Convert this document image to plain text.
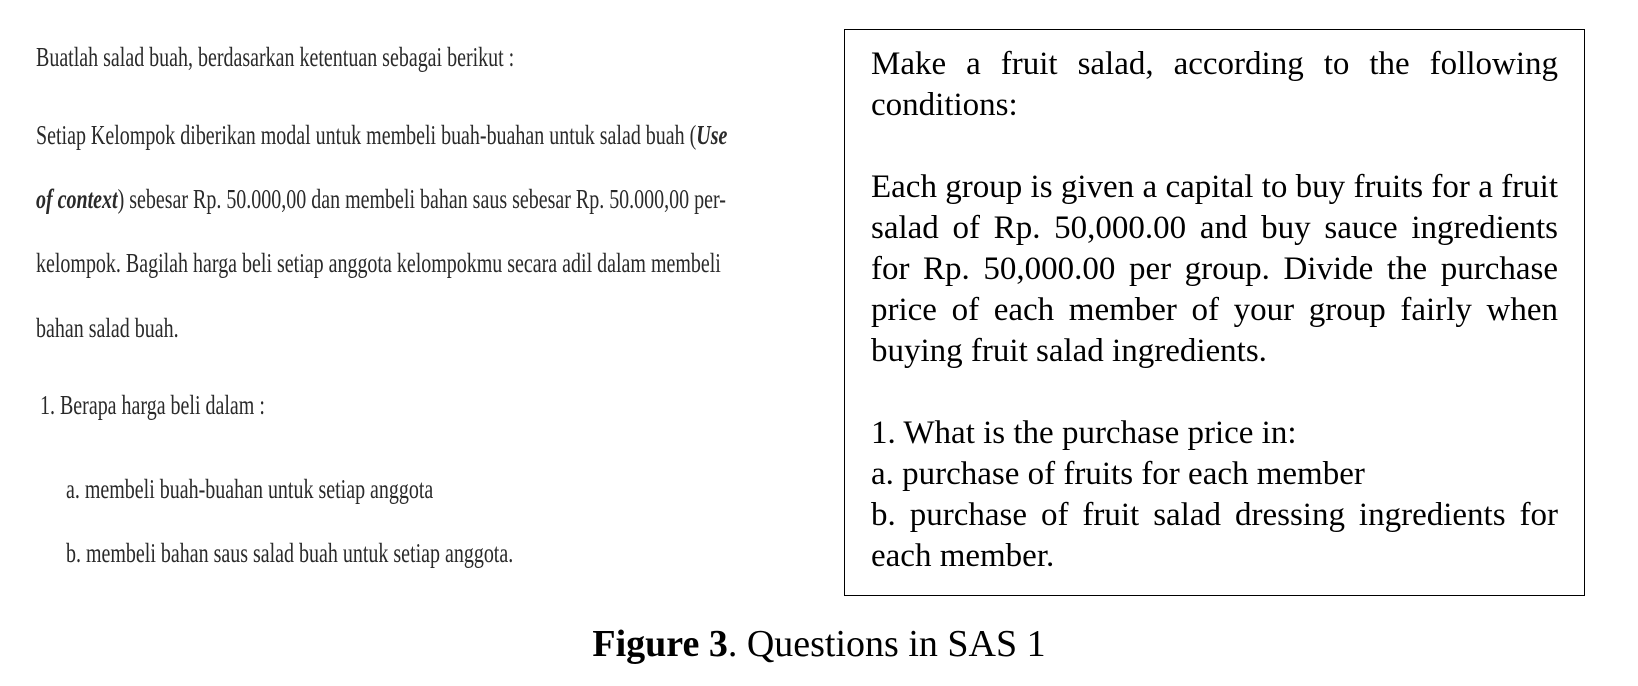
Buatlah salad buah, berdasarkan ketentuan sebagai berikut :
Setiap Kelompok diberikan modal untuk membeli buah-buahan untuk salad buah (Use
of context) sebesar Rp. 50.000,00 dan membeli bahan saus sebesar Rp. 50.000,00 per-
kelompok. Bagilah harga beli setiap anggota kelompokmu secara adil dalam membeli
bahan salad buah.
1. Berapa harga beli dalam :
a. membeli buah-buahan untuk setiap anggota
b. membeli bahan saus salad buah untuk setiap anggota.

Make a fruit salad, according to the following conditions:

Each group is given a capital to buy fruits for a fruit salad of Rp. 50,000.00 and buy sauce ingredients for Rp. 50,000.00 per group. Divide the purchase price of each member of your group fairly when buying fruit salad ingredients.

1. What is the purchase price in:

a. purchase of fruits for each member

b. purchase of fruit salad dressing ingredients for each member.

Figure 3. Questions in SAS 1
